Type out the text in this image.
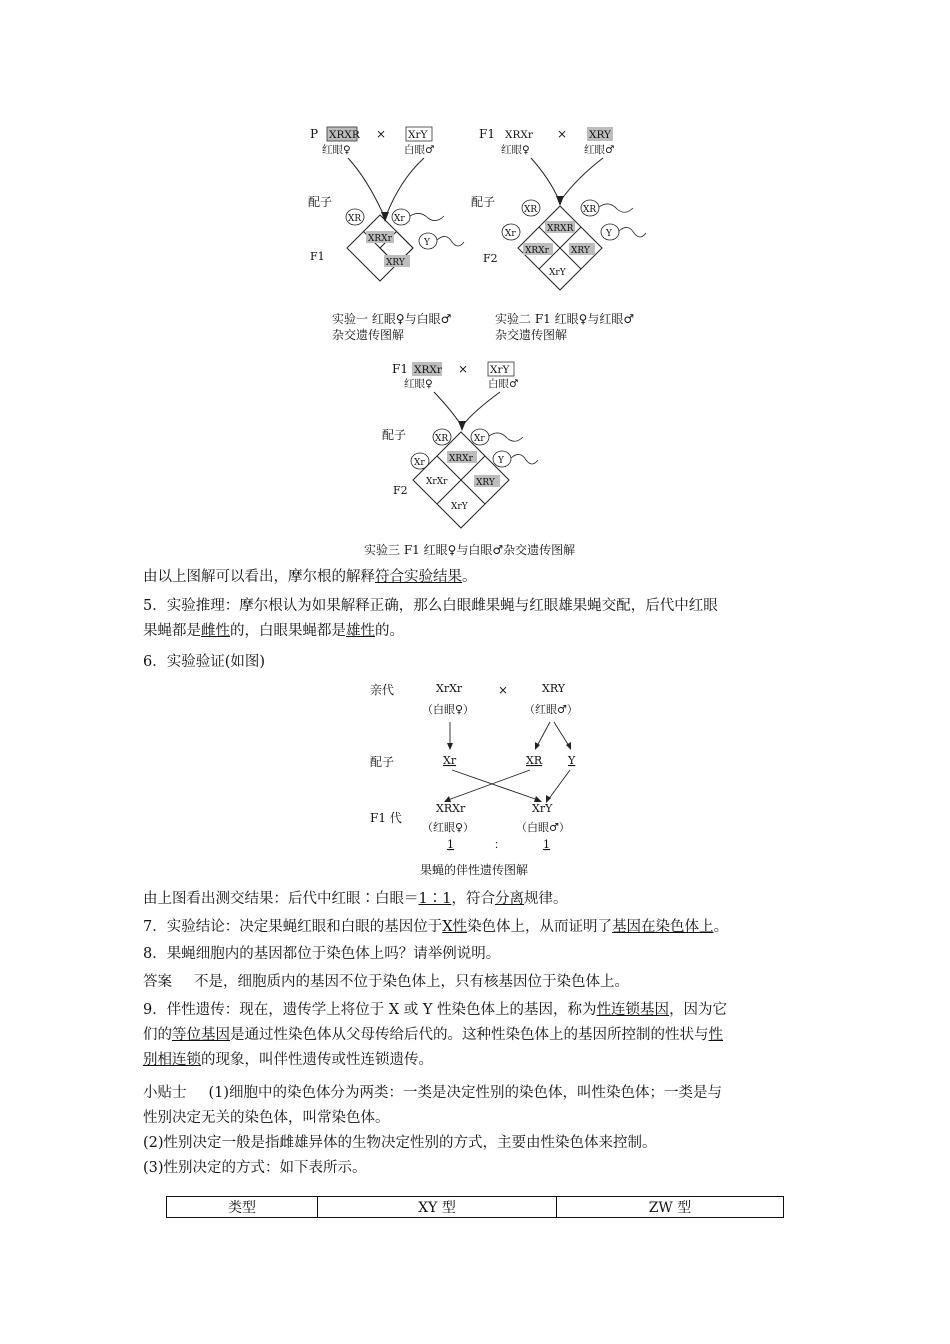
P XRXR × XrY
红眼♀	白眼♂
配子
XR	Xr
Y
XRXr
XRY
F1
实验一 红眼♀与白眼♂
杂交遗传图解
F1 XRXr × XRY
红眼♀	红眼♂
配子
XR
Xr
XR
Y
XRXR
XRXr XRY
XrY
F2
实验二 F1 红眼♀与红眼♂
杂交遗传图解
F1 XRXr × XrY
红眼♀	白眼♂
配子	XR
Xr
Xr
Y
XRXr
XrXr	XRY
XrY
F2
实验三 F1 红眼♀与白眼♂杂交遗传图解
由以上图解可以看出，摩尔根的解释符合实验结果。
5．实验推理：摩尔根认为如果解释正确，那么白眼雌果蝇与红眼雄果蝇交配，后代中红眼
果蝇都是雌性的，白眼果蝇都是雄性的。
6．实验验证(如图)
亲代	XrXr	×	XRY
（白眼♀）	（红眼♂）
配子	Xr	XR Y
XRXr	XrY
F1 代
（红眼♀）	（白眼♂）
1	：	1
果蝇的伴性遗传图解
由上图看出测交结果：后代中红眼∶白眼＝1∶1，符合分离规律。
7．实验结论：决定果蝇红眼和白眼的基因位于X性染色体上，从而证明了基因在染色体上。
8．果蝇细胞内的基因都位于染色体上吗？请举例说明。
答案 不是，细胞质内的基因不位于染色体上，只有核基因位于染色体上。
9．伴性遗传：现在，遗传学上将位于 X 或 Y 性染色体上的基因，称为性连锁基因，因为它
们的等位基因是通过性染色体从父母传给后代的。这种性染色体上的基因所控制的性状与性
别相连锁的现象，叫伴性遗传或性连锁遗传。
小贴士 (1)细胞中的染色体分为两类：一类是决定性别的染色体，叫性染色体；一类是与
性别决定无关的染色体，叫常染色体。
(2)性别决定一般是指雌雄异体的生物决定性别的方式，主要由性染色体来控制。
(3)性别决定的方式：如下表所示。
类型	XY 型	ZW 型
